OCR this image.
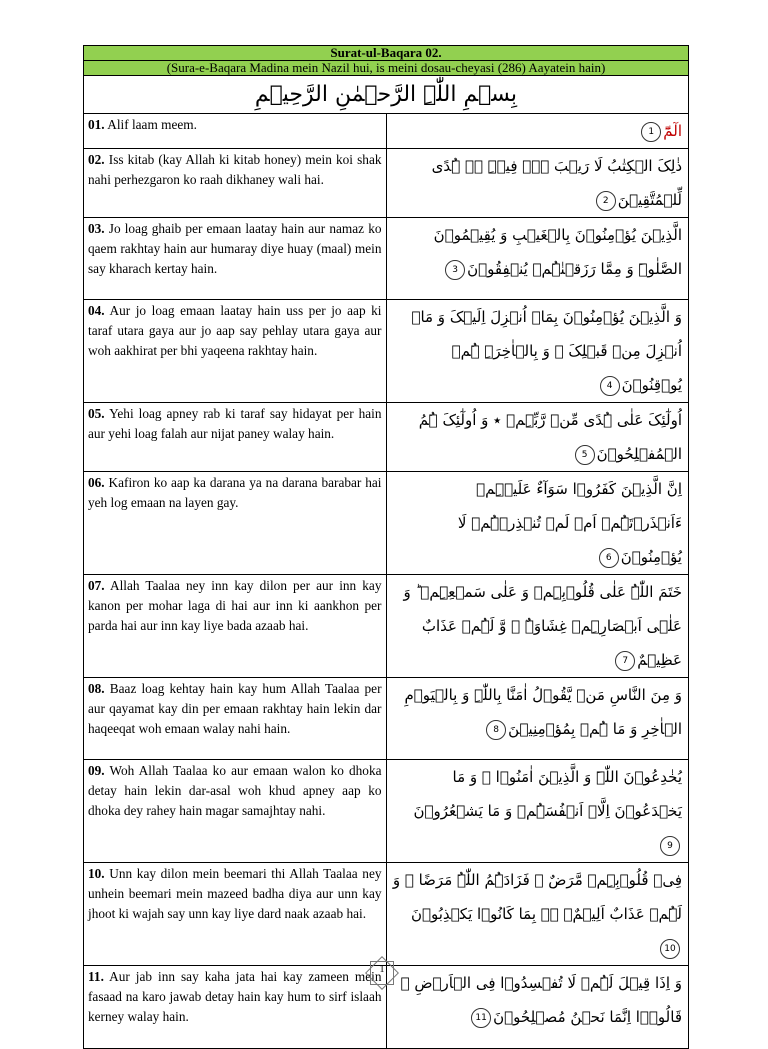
Surat-ul-Baqara 02.	
(Sura-e-Baqara Madina mein Nazil hui, is meini dosau-cheyasi (286) Aayatein hain)	
بِسۡمِ اللّٰہِ الرَّحۡمٰنِ الرَّحِیۡمِ	
01. Alif laam meem.	الٓمّٓ1
02. Iss kitab (kay Allah ki kitab honey) mein koi shak nahi perhezgaron ko raah dikhaney wali hai.	ذٰلِکَ الۡکِتٰبُ لَا رَیۡبَ ۚۖۛ فِیۡہِ ۚۛ ہُدًی لِّلۡمُتَّقِیۡنَ2
03. Jo loag ghaib per emaan laatay hain aur namaz ko qaem rakhtay hain aur humaray diye huay (maal) mein say kharach kertay hain.	الَّذِیۡنَ یُؤۡمِنُوۡنَ بِالۡغَیۡبِ وَ یُقِیۡمُوۡنَ الصَّلٰوۃَ وَ مِمَّا رَزَقۡنٰہُمۡ یُنۡفِقُوۡنَ3
04. Aur jo loag emaan laatay hain uss per jo aap ki taraf utara gaya aur jo aap say pehlay utara gaya aur woh aakhirat per bhi yaqeena rakhtay hain.	وَ الَّذِیۡنَ یُؤۡمِنُوۡنَ بِمَاۤ اُنۡزِلَ اِلَیۡکَ وَ مَاۤ اُنۡزِلَ مِنۡ قَبۡلِکَ ۚ وَ بِالۡاٰخِرَۃِ ہُمۡ یُوۡقِنُوۡنَ4
05. Yehi loag apney rab ki taraf say hidayat per hain aur yehi loag falah aur nijat paney walay hain.	اُولٰٓئِکَ عَلٰی ہُدًی مِّنۡ رَّبِّہِمۡ ٭ وَ اُولٰٓئِکَ ہُمُ الۡمُفۡلِحُوۡنَ5
06. Kafiron ko aap ka darana ya na darana barabar hai yeh log emaan na layen gay.	اِنَّ الَّذِیۡنَ کَفَرُوۡا سَوَآءٌ عَلَیۡہِمۡ ءَاَنۡذَرۡتَہُمۡ اَمۡ لَمۡ تُنۡذِرۡہُمۡ لَا یُؤۡمِنُوۡنَ6
07. Allah Taalaa ney inn kay dilon per aur inn kay kanon per mohar laga di hai aur inn ki aankhon per parda hai aur inn kay liye bada azaab hai.	خَتَمَ اللّٰہُ عَلٰی قُلُوۡبِہِمۡ وَ عَلٰی سَمۡعِہِمۡ ؕ وَ عَلٰۤی اَبۡصَارِہِمۡ غِشَاوَۃٌ ۫ وَّ لَہُمۡ عَذَابٌ عَظِیۡمٌ7
08. Baaz loag kehtay hain kay hum Allah Taalaa per aur qayamat kay din per emaan rakhtay hain lekin dar haqeeqat woh emaan walay nahi hain.	وَ مِنَ النَّاسِ مَنۡ یَّقُوۡلُ اٰمَنَّا بِاللّٰہِ وَ بِالۡیَوۡمِ الۡاٰخِرِ وَ مَا ہُمۡ بِمُؤۡمِنِیۡنَ8
09. Woh Allah Taalaa ko aur emaan walon ko dhoka detay hain lekin dar-asal woh khud apney aap ko dhoka dey rahey hain magar samajhtay nahi.	یُخٰدِعُوۡنَ اللّٰہَ وَ الَّذِیۡنَ اٰمَنُوۡا ۚ وَ مَا یَخۡدَعُوۡنَ اِلَّاۤ اَنۡفُسَہُمۡ وَ مَا یَشۡعُرُوۡنَ9
10. Unn kay dilon mein beemari thi Allah Taalaa ney unhein beemari mein mazeed badha diya aur unn kay jhoot ki wajah say unn kay liye dard naak azaab hai.	فِیۡ قُلُوۡبِہِمۡ مَّرَضٌ ۙ فَزَادَہُمُ اللّٰہُ مَرَضًا ۚ وَ لَہُمۡ عَذَابٌ اَلِیۡمٌۢ ۬ۙ بِمَا کَانُوۡا یَکۡذِبُوۡنَ10
11. Aur jab inn say kaha jata hai kay zameen mein fasaad na karo jawab detay hain kay hum to sirf islaah kerney walay hain.	وَ اِذَا قِیۡلَ لَہُمۡ لَا تُفۡسِدُوۡا فِی الۡاَرۡضِ ۙ قَالُوۡۤا اِنَّمَا نَحۡنُ مُصۡلِحُوۡنَ11
1
